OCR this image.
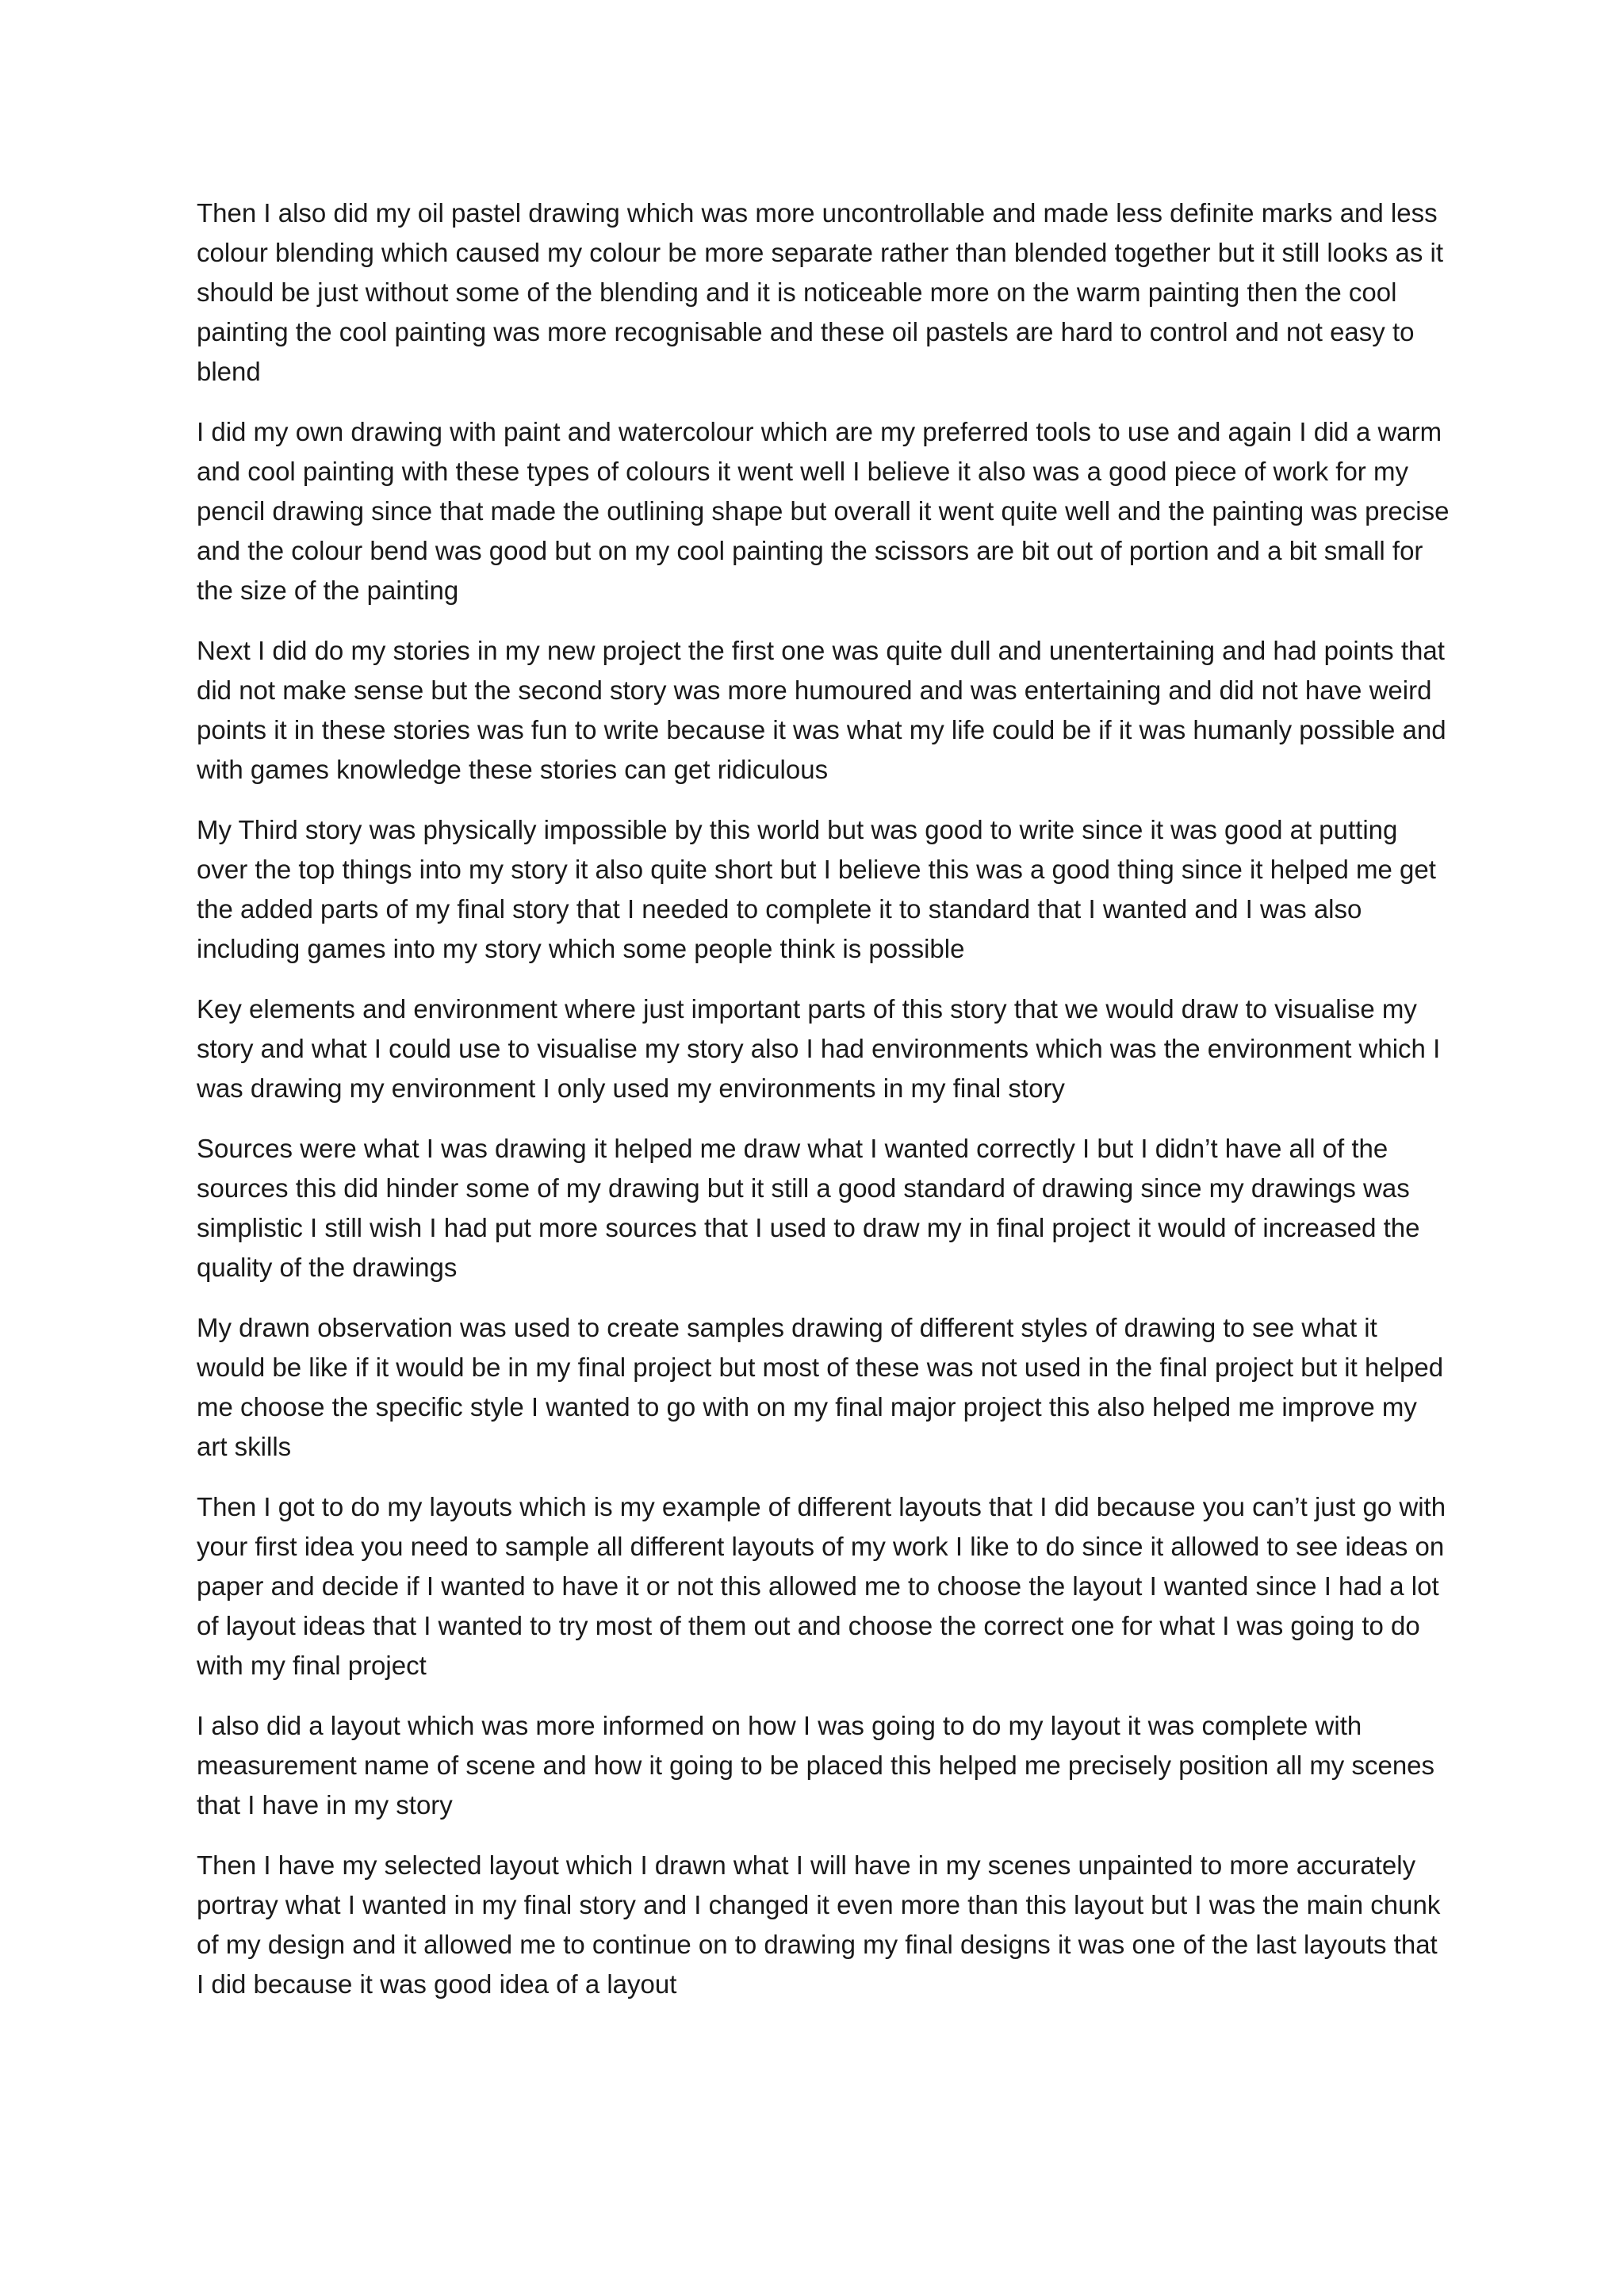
Then I also did my oil pastel drawing which was more uncontrollable and made less definite marks and less colour blending which caused my colour be more separate rather than blended together but it still looks as it should be just without some of the blending and it is noticeable more on the warm painting then the cool painting the cool painting was more recognisable and these oil pastels are hard to control and not easy to blend

I did my own drawing with paint and watercolour which are my preferred tools to use and again I did a warm and cool painting with these types of colours it went well I believe it also was a good piece of work for my pencil drawing since that made the outlining shape but overall it went quite well and the painting was precise and the colour bend was good but on my cool painting the scissors are bit out of portion and a bit small for the size of the painting

Next I did do my stories in my new project the first one was quite dull and unentertaining and had points that did not make sense but the second story was more humoured and was entertaining and did not have weird points it in these stories was fun to write because it was what my life could be if it was humanly possible and with games knowledge these stories can get ridiculous

My Third story was physically impossible by this world but was good to write since it was good at putting over the top things into my story it also quite short but I believe this was a good thing since it helped me get the added parts of my final story that I needed to complete it to standard that I wanted and I was also including games into my story which some people think is possible

Key elements and environment where just important parts of this story that we would draw to visualise my story and what I could use to visualise my story also I had environments which was the environment which I was drawing my environment I only used my environments in my final story

Sources were what I was drawing it helped me draw what I wanted correctly I but I didn’t have all of the sources this did hinder some of my drawing but it still a good standard of drawing since my drawings was simplistic I still wish I had put more sources that I used to draw my in final project it would of increased the quality of the drawings

My drawn observation was used to create samples drawing of different styles of drawing to see what it would be like if it would be in my final project but most of these was not used in the final project but it helped me choose the specific style I wanted to go with on my final major project this also helped me improve my art skills

Then I got to do my layouts which is my example of different layouts that I did because you can’t just go with your first idea you need to sample all different layouts of my work I like to do since it allowed to see ideas on paper and decide if I wanted to have it or not this allowed me to choose the layout I wanted since I had a lot of layout ideas that I wanted to try most of them out and choose the correct one for what I was going to do with my final project

I also did a layout which was more informed on how I was going to do my layout it was complete with measurement name of scene and how it going to be placed this helped me precisely position all my scenes that I have in my story

Then I have my selected layout which I drawn what I will have in my scenes unpainted to more accurately portray what I wanted in my final story and I changed it even more than this layout but I was the main chunk of my design and it allowed me to continue on to drawing my final designs it was one of the last layouts that I did because it was good idea of a layout
